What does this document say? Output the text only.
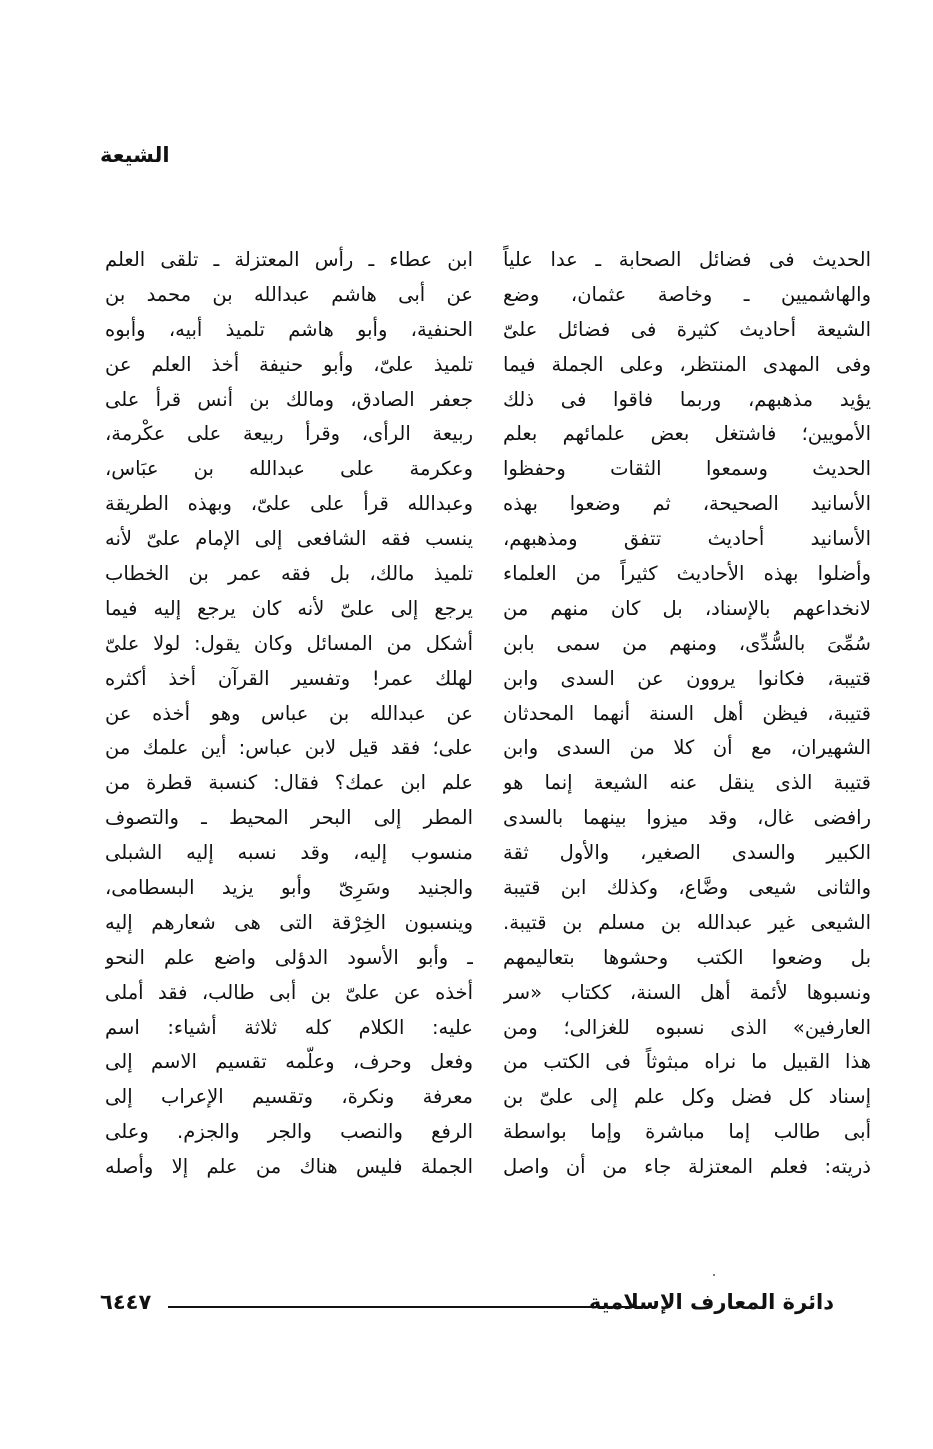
الشيعة
الحديث فى فضائل الصحابة ـ عدا علياً
والهاشميين ـ وخاصة عثمان، وضع
الشيعة أحاديث كثيرة فى فضائل علىّ
وفى المهدى المنتظر، وعلى الجملة فيما
يؤيد مذهبهم، وربما فاقوا فى ذلك
الأمويين؛ فاشتغل بعض علمائهم بعلم
الحديث وسمعوا الثقات وحفظوا
الأسانيد الصحيحة، ثم وضعوا بهذه
الأسانيد أحاديث تتفق ومذهبهم،
وأضلوا بهذه الأحاديث كثيراً من العلماء
لانخداعهم بالإسناد، بل كان منهم من
سُمِّىَ بالسُّدِّى، ومنهم من سمى بابن
قتيبة، فكانوا يروون عن السدى وابن
قتيبة، فيظن أهل السنة أنهما المحدثان
الشهيران، مع أن كلا من السدى وابن
قتيبة الذى ينقل عنه الشيعة إنما هو
رافضى غال، وقد ميزوا بينهما بالسدى
الكبير والسدى الصغير، والأول ثقة
والثانى شيعى وضَّاع، وكذلك ابن قتيبة
الشيعى غير عبدالله بن مسلم بن قتيبة.
بل وضعوا الكتب وحشوها بتعاليمهم
ونسبوها لأئمة أهل السنة، ككتاب «سر
العارفين» الذى نسبوه للغزالى؛ ومن
هذا القبيل ما نراه مبثوثاً فى الكتب من
إسناد كل فضل وكل علم إلى علىّ بن
أبى طالب إما مباشرة وإما بواسطة
ذريته: فعلم المعتزلة جاء من أن واصل
ابن عطاء ـ رأس المعتزلة ـ تلقى العلم
عن أبى هاشم عبدالله بن محمد بن
الحنفية، وأبو هاشم تلميذ أبيه، وأبوه
تلميذ علىّ، وأبو حنيفة أخذ العلم عن
جعفر الصادق، ومالك بن أنس قرأ على
ربيعة الرأى، وقرأ ربيعة على عكْرمة،
وعكرمة على عبدالله بن عبَاس،
وعبدالله قرأ على علىّ، وبهذه الطريقة
ينسب فقه الشافعى إلى الإمام علىّ لأنه
تلميذ مالك، بل فقه عمر بن الخطاب
يرجع إلى علىّ لأنه كان يرجع إليه فيما
أشكل من المسائل وكان يقول: لولا علىّ
لهلك عمر! وتفسير القرآن أخذ أكثره
عن عبدالله بن عباس وهو أخذه عن
على؛ فقد قيل لابن عباس: أين علمك من
علم ابن عمك؟ فقال: كنسبة قطرة من
المطر إلى البحر المحيط ـ والتصوف
منسوب إليه، وقد نسبه إليه الشبلى
والجنيد وسَرِىّ وأبو يزيد البسطامى،
وينسبون الخِرْقة التى هى شعارهم إليه
ـ وأبو الأسود الدؤلى واضع علم النحو
أخذه عن علىّ بن أبى طالب، فقد أملى
عليه: الكلام كله ثلاثة أشياء: اسم
وفعل وحرف، وعلّمه تقسيم الاسم إلى
معرفة ونكرة، وتقسيم الإعراب إلى
الرفع والنصب والجر والجزم. وعلى
الجملة فليس هناك من علم إلا وأصله
دائرة المعارف الإسلامية
٦٤٤٧
